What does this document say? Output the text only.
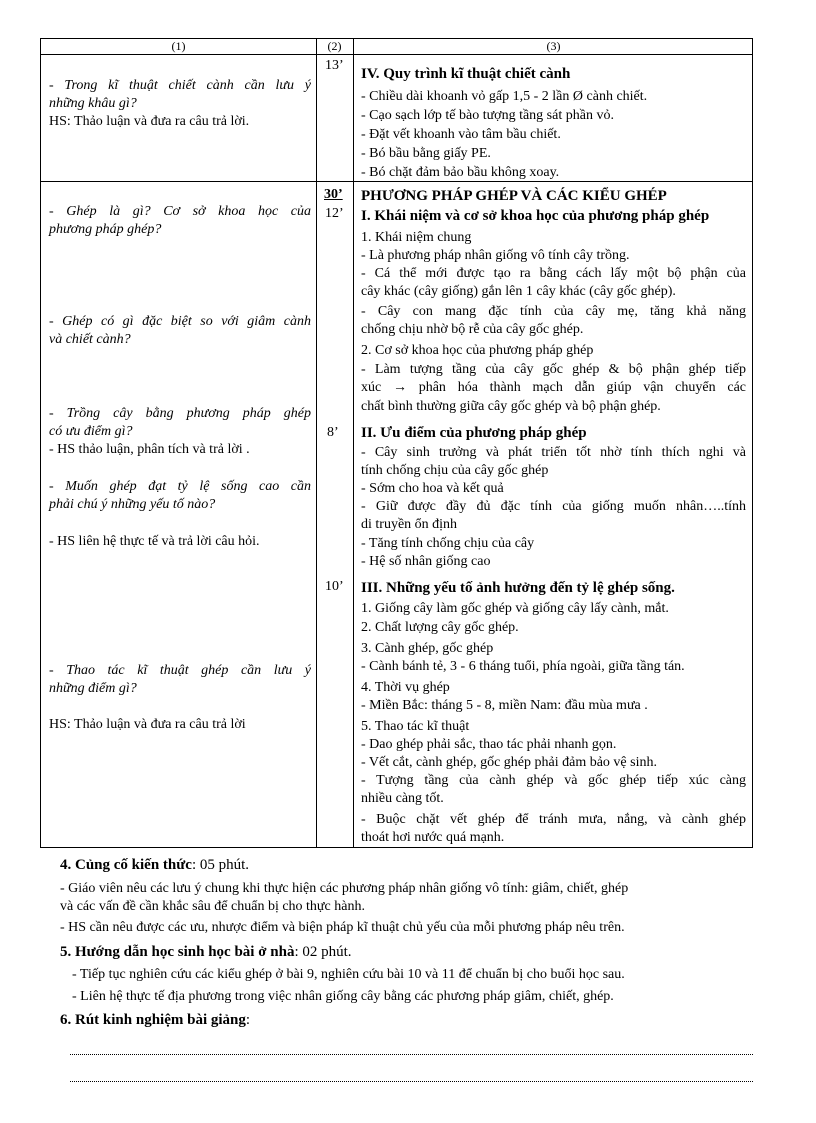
(1)	(2)	(3)
- Trong kĩ thuật chiết cành cần lưu ý
những khâu gì?
HS: Thảo luận và đưa ra câu trả lời.
13’
IV. Quy trình kĩ thuật chiết cành
- Chiều dài khoanh vỏ gấp 1,5 - 2 lần Ø cành chiết.
- Cạo sạch lớp tế bào tượng tầng sát phần vỏ.
- Đặt vết khoanh vào tâm bầu chiết.
- Bó bầu bằng giấy PE.
- Bó chặt đảm bảo bầu không xoay.
- Ghép là gì? Cơ sở khoa học của
phương pháp ghép?
- Ghép có gì đặc biệt so với giâm cành
và chiết cành?
- Trồng cây bằng phương pháp ghép
có ưu điểm gì?
- HS thảo luận, phân tích và trả lời .
- Muốn ghép đạt tỷ lệ sống cao cần
phải chú ý những yếu tố nào?
- HS liên hệ thực tế và trả lời câu hỏi.
- Thao tác kĩ thuật ghép cần lưu ý
những điểm gì?
HS: Thảo luận và đưa ra câu trả lời
30’
12’
8’
10’
PHƯƠNG PHÁP GHÉP VÀ CÁC KIỂU GHÉP
I. Khái niệm và cơ sở khoa học của phương pháp ghép
1. Khái niệm chung
- Là phương pháp nhân giống vô tính cây trồng.
- Cá thể mới được tạo ra bằng cách lấy một bộ phận của
cây khác (cây giống) gắn lên 1 cây khác (cây gốc ghép).
- Cây con mang đặc tính của cây mẹ, tăng khả năng
chống chịu nhờ bộ rễ của cây gốc ghép.
2. Cơ sở khoa học của phương pháp ghép
- Làm tượng tầng của cây gốc ghép & bộ phận ghép tiếp
xúc → phân hóa thành mạch dẫn giúp vận chuyển các
chất bình thường giữa cây gốc ghép và bộ phận ghép.
II. Ưu điểm của phương pháp ghép
- Cây sinh trưởng và phát triển tốt nhờ tính thích nghi và
tính chống chịu của cây gốc ghép
- Sớm cho hoa và kết quả
- Giữ được đầy đủ đặc tính của giống muốn nhân…..tính
di truyền ổn định
- Tăng tính chống chịu của cây
- Hệ số nhân giống cao
III. Những yếu tố ảnh hưởng đến tỷ lệ ghép sống.
1. Giống cây làm gốc ghép và giống cây lấy cành, mắt.
2. Chất lượng cây gốc ghép.
3. Cành ghép, gốc ghép
- Cành bánh tẻ, 3 - 6 tháng tuổi, phía ngoài, giữa tầng tán.
4. Thời vụ ghép
- Miền Bắc: tháng 5 - 8, miền Nam: đầu mùa mưa .
5. Thao tác kĩ thuật
- Dao ghép phải sắc, thao tác phải nhanh gọn.
- Vết cắt, cành ghép, gốc ghép phải đảm bảo vệ sinh.
- Tượng tầng của cành ghép và gốc ghép tiếp xúc càng
nhiều càng tốt.
- Buộc chặt vết ghép để tránh mưa, nắng, và cành ghép
thoát hơi nước quá mạnh.
4. Củng cố kiến thức: 05 phút.
- Giáo viên nêu các lưu ý chung khi thực hiện các phương pháp nhân giống vô tính: giâm, chiết, ghép
và các vấn đề cần khắc sâu để chuẩn bị cho thực hành.
- HS cần nêu được các ưu, nhược điểm và biện pháp kĩ thuật chủ yếu của mỗi phương pháp nêu trên.
5. Hướng dẫn học sinh học bài ở nhà: 02 phút.
- Tiếp tục nghiên cứu các kiểu ghép ở bài 9, nghiên cứu bài 10 và 11 để chuẩn bị cho buổi học sau.
- Liên hệ thực tế địa phương trong việc nhân giống cây bằng các phương pháp giâm, chiết, ghép.
6. Rút kinh nghiệm bài giảng:
